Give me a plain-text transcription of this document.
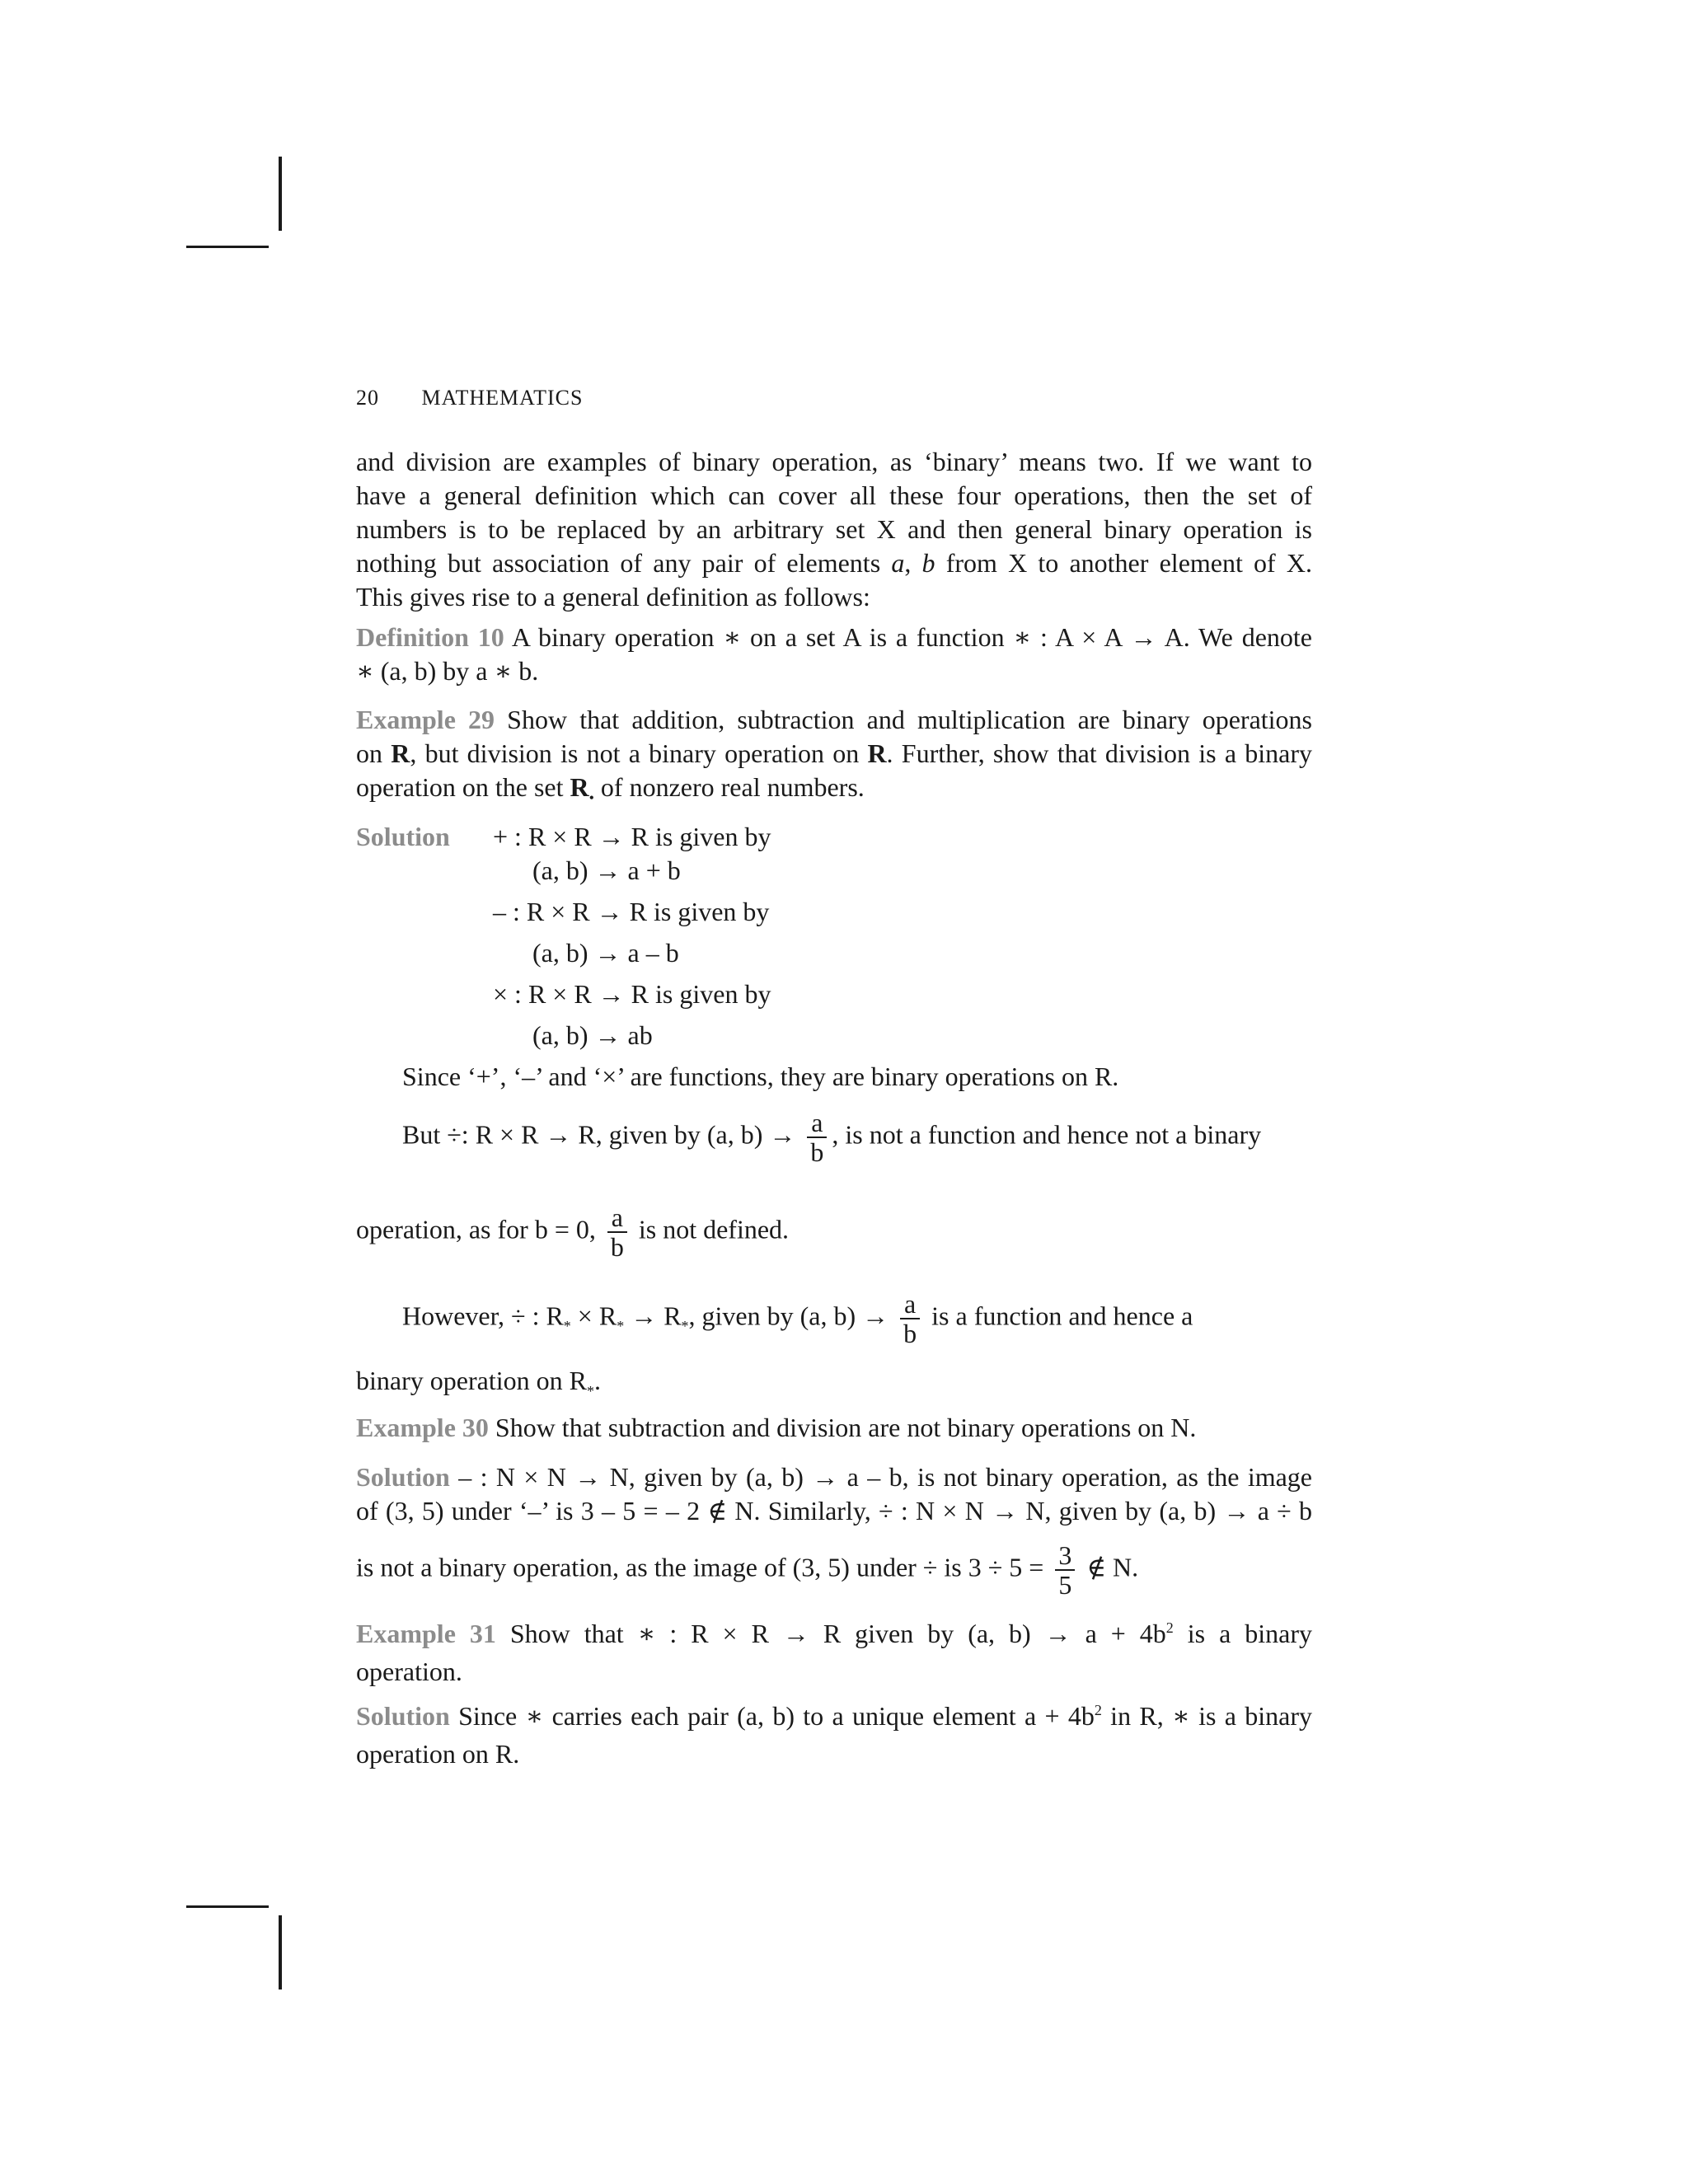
20 MATHEMATICS
and division are examples of binary operation, as ‘binary’ means two. If we want to
have a general definition which can cover all these four operations, then the set of
numbers is to be replaced by an arbitrary set X and then general binary operation is
nothing but association of any pair of elements a, b from X to another element of X.
This gives rise to a general definition as follows:
Definition 10 A binary operation ∗ on a set A is a function ∗ : A × A → A. We denote
∗ (a, b) by a ∗ b.
Example 29 Show that addition, subtraction and multiplication are binary operations
on R, but division is not a binary operation on R. Further, show that division is a binary
operation on the set $R_•$ of nonzero real numbers.
Solution + : R × R → R is given by
(a, b) → a + b
– : R × R → R is given by
(a, b) → a – b
× : R × R → R is given by
(a, b) → ab
Since ‘+’, ‘–’ and ‘×’ are functions, they are binary operations on R.
But ÷: R × R → R, given by (a, $b) \to \frac{a}{b}$ , is not a function and hence not a binary
operation, as for b = 0, $\frac{a}{b}$ is not defined.
However, ÷ : $R_* \times R_* \to R_*$, given by (a, $b) \to \frac{a}{b}$ is a function and hence a
binary operation on $R_*$.
Example 30 Show that subtraction and division are not binary operations on N.
Solution – : N × N → N, given by (a, b) → a – b, is not binary operation, as the image
of (3, 5) under ‘–’ is 3 – 5 = – 2 ∉ N. Similarly, ÷ : N × N → N, given by (a, b) → a ÷ b
is not a binary operation, as the image of (3, 5) under ÷ is $3 \div 5 = \frac{3}{5}$ ∉ N.
Example 31 Show that ∗ : R × R → R given by (a, $b) \to a + 4b^2$ is a binary
operation.
Solution Since ∗ carries each pair (a, b) to a unique element $a + 4b^2$ in R, ∗ is a binary
operation on R.
